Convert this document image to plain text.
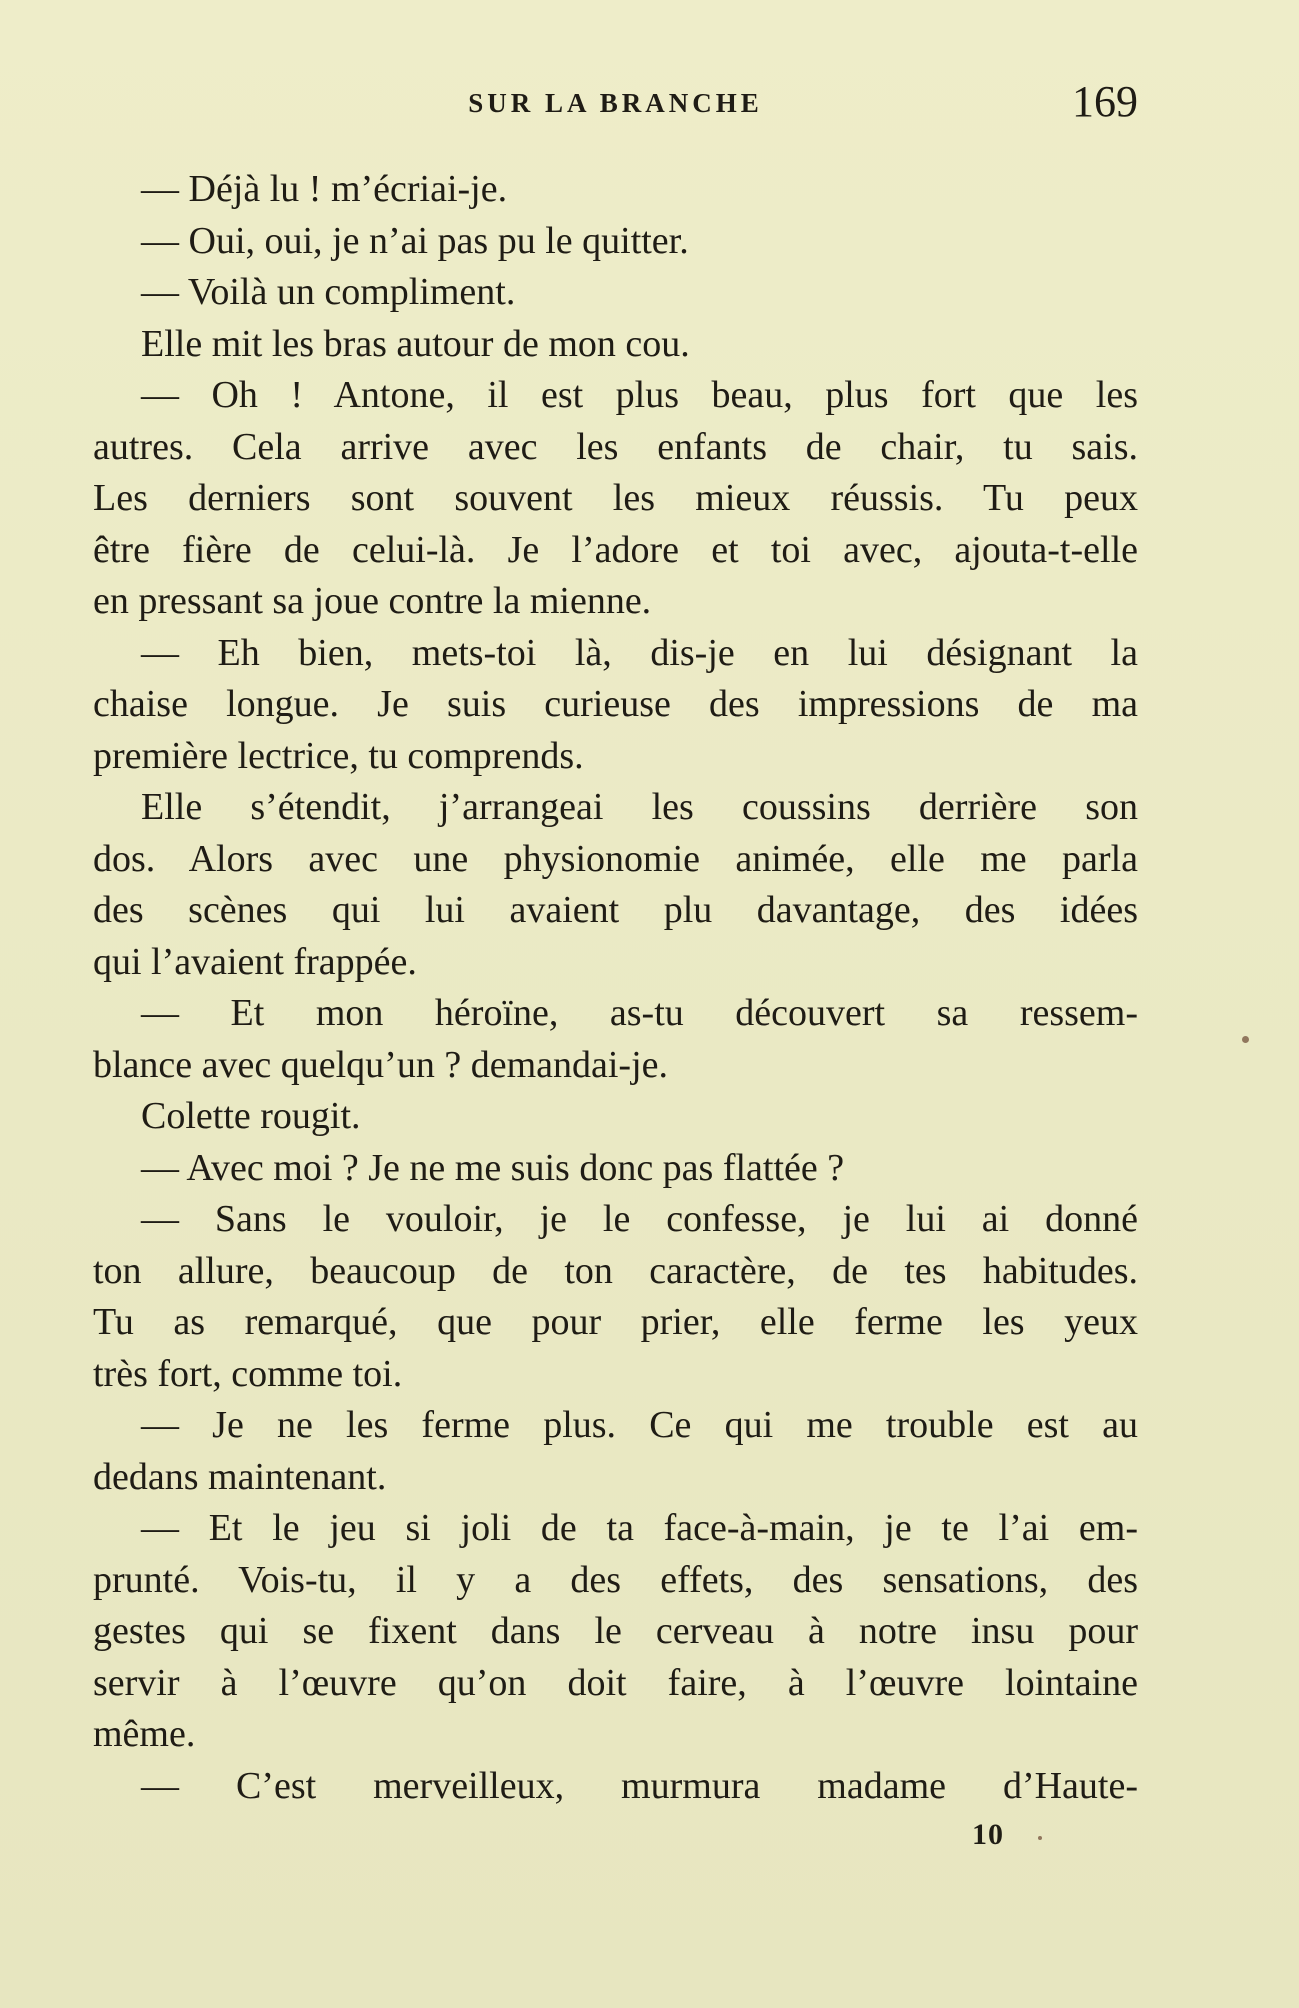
SUR LA BRANCHE	169
— Déjà lu ! m’écriai-je.
— Oui, oui, je n’ai pas pu le quitter.
— Voilà un compliment.
Elle mit les bras autour de mon cou.
— Oh ! Antone, il est plus beau, plus fort que les
autres. Cela arrive avec les enfants de chair, tu sais.
Les derniers sont souvent les mieux réussis. Tu peux
être fière de celui-là. Je l’adore et toi avec, ajouta-t-elle
en pressant sa joue contre la mienne.
— Eh bien, mets-toi là, dis-je en lui désignant la
chaise longue. Je suis curieuse des impressions de ma
première lectrice, tu comprends.
Elle s’étendit, j’arrangeai les coussins derrière son
dos. Alors avec une physionomie animée, elle me parla
des scènes qui lui avaient plu davantage, des idées
qui l’avaient frappée.
— Et mon héroïne, as-tu découvert sa ressem-
blance avec quelqu’un ? demandai-je.
Colette rougit.
— Avec moi ? Je ne me suis donc pas flattée ?
— Sans le vouloir, je le confesse, je lui ai donné
ton allure, beaucoup de ton caractère, de tes habitudes.
Tu as remarqué, que pour prier, elle ferme les yeux
très fort, comme toi.
— Je ne les ferme plus. Ce qui me trouble est au
dedans maintenant.
— Et le jeu si joli de ta face-à-main, je te l’ai em-
prunté. Vois-tu, il y a des effets, des sensations, des
gestes qui se fixent dans le cerveau à notre insu pour
servir à l’œuvre qu’on doit faire, à l’œuvre lointaine
même.
— C’est merveilleux, murmura madame d’Haute-
10
